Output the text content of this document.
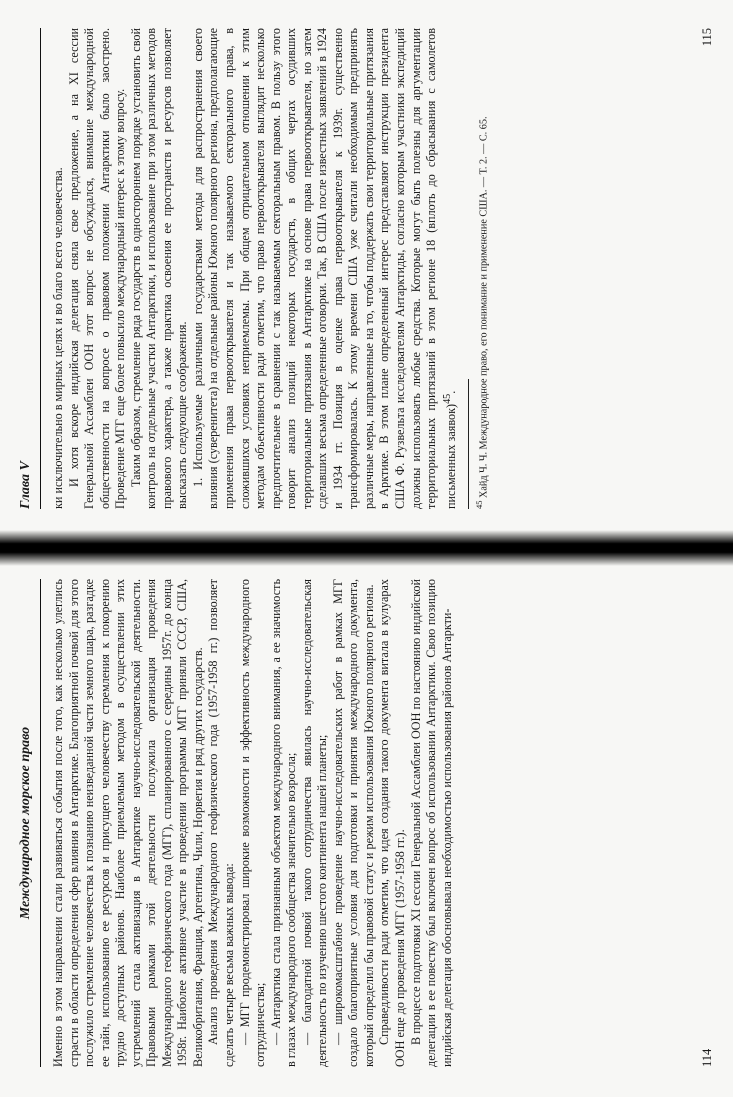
Международное морское право Именно в этом направлении стали развиваться события после того, как несколько улеглись страсти в области определения сфер влияния в Антарктике. Благоприятной почвой для этого послужило стремление человечества к познанию неизведанной части земного шара, разгадке ее тайн, использованию ее ресурсов и присущего человечеству стремления к покорению трудно доступных районов. Наиболее приемлемым методом в осуществлении этих устремлений стала активизация в Антарктике научно-исследовательской деятельности. Правовыми рамками этой деятельности послужила организация проведения Международного геофизического года (МГГ), спланированного с середины 1957г. до конца 1958г. Наиболее активное участие в проведении программы МГГ приняли СССР, США, Великобритания, Франция, Аргентина, Чили, Норвегия и ряд других государств. Анализ проведения Международного геофизического года (1957-1958 гг.) позволяет сделать четыре весьма важных вывода: — МГГ продемонстрировал широкие возможности и эффективность международного сотрудничества; — Антарктика стала признанным объектом международного внимания, а ее значимость в глазах международного сообщества значительно возросла; — благодатной почвой такого сотрудничества явилась научно-исследовательская деятельность по изучению шестого континента нашей планеты; — широкомасштабное проведение научно-исследовательских работ в рамках МГГ создало благоприятные условия для подготовки и принятия международного документа, который определил бы правовой статус и режим использования Южного полярного региона. Справедливости ради отметим, что идея создания такого документа витала в кулуарах ООН еще до проведения МГГ (1957-1958 гг.). В процессе подготовки XI сессии Генеральной Ассамблеи ООН по настоянию индийской делегации в ее повестку был включен вопрос об использовании Антарктики. Свою позицию индийская делегация обосновывала необходимостью использования районов Антаркти-	114
Глава V ки исключительно в мирных целях и во благо всего человечества. И хотя вскоре индийская делегация сняла свое предложение, а на XI сессии Генеральной Ассамблеи ООН этот вопрос не обсуждался, внимание международной общественности на вопросе о правовом положении Антарктики было заострено. Проведение МГГ еще более повысило международный интерес к этому вопросу. Таким образом, стремление ряда государств в одностороннем порядке установить свой контроль на отдельные участки Антарктики, и использование при этом различных методов правового характера, а также практика освоения ее пространств и ресурсов позволяет высказать следующие соображения. 1. Используемые различными государствами методы для распространения своего влияния (суверенитета) на отдельные районы Южного полярного региона, предполагающие применения права первооткрывателя и так называемого секторального права, в сложившихся условиях неприемлемы. При общем отрицательном отношении к этим методам объективности ради отметим, что право первооткрывателя выглядит несколько предпочтительнее в сравнении с так называемым секторальным правом. В пользу этого говорит анализ позиций некоторых государств, в общих чертах осудивших территориальные притязания в Антарктике на основе права первооткрывателя, но затем сделавших весьма определенные оговорки. Так, В США после известных заявлений в 1924 и 1934 гг. Позиция в оценке права первооткрывателя к 1939г. существенно трансформировалась. К этому времени США уже считали необходимым предпринять различные меры, направленные на то, чтобы поддержать свои территориальные притязания в Арктике. В этом плане определенный интерес представляют инструкции президента США Ф. Рузвельта исследователям Антарктиды, согласно которым участники экспедиций должны использовать любые средства. Которые могут быть полезны для аргументации территориальных притязаний в этом регионе 18 (вплоть до сбрасывания с самолетов письменных заявок)$^{45}$.

$^{45}$ Хайд Ч. Ч. Международное право, его понимание и применение США. — Т. 2. — С. 65.
115
